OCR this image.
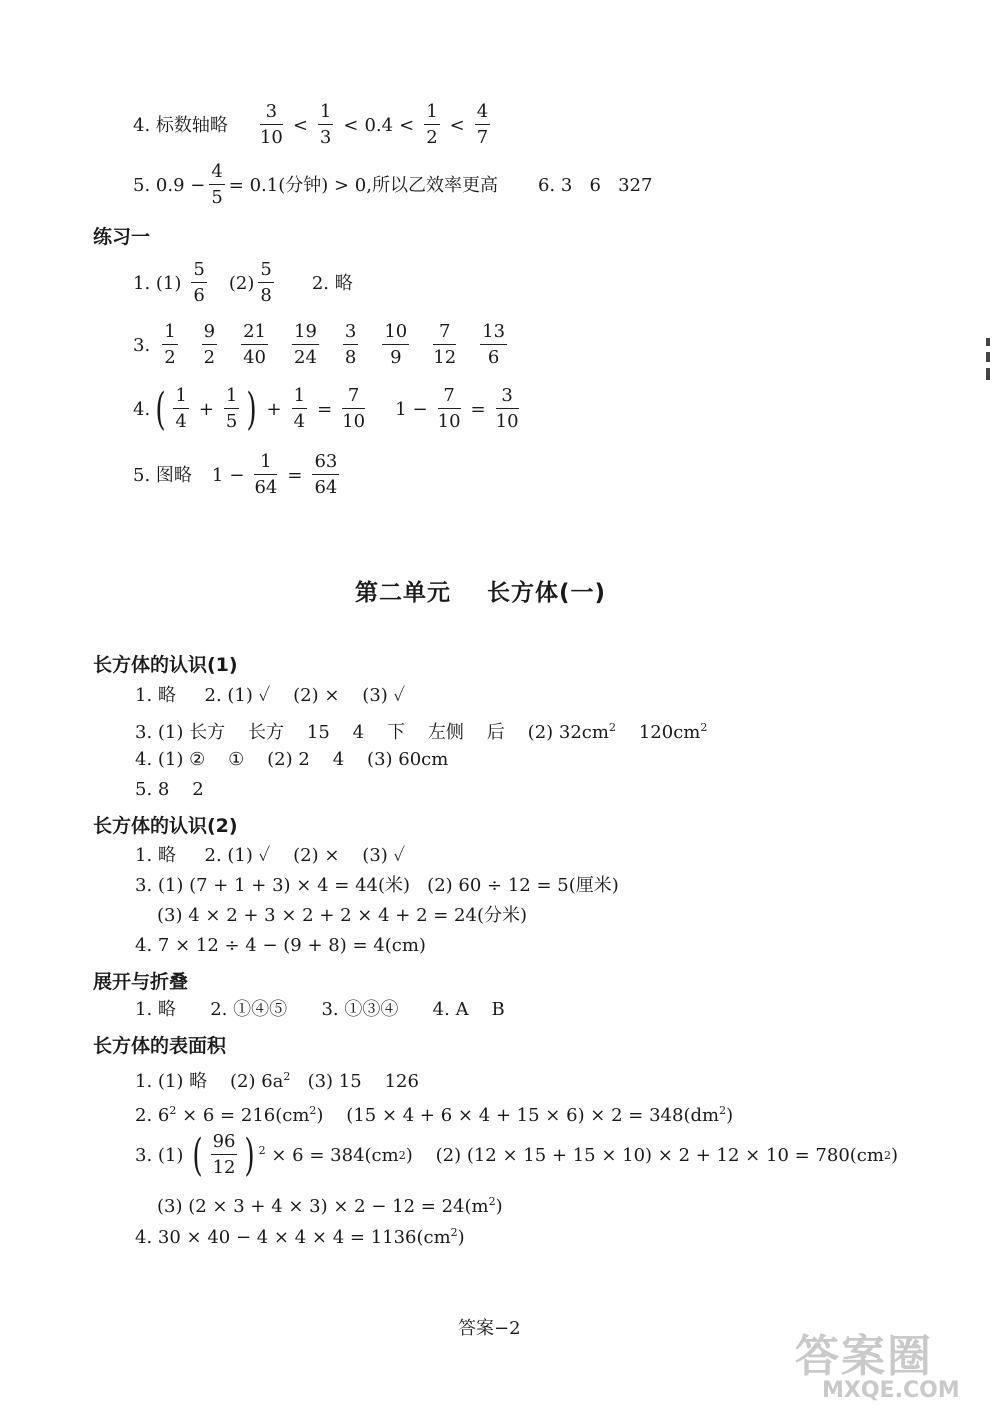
4. 标数轴略 $\frac{3}{10} < \frac{1}{3} < 0.4 < \frac{1}{2} < \frac{4}{7}$
5. $0.9 - \frac{4}{5} = 0.1$(分钟) > 0,所以乙效率更高 6. 3   6   327
练习一
1. $(1) \frac{5}{6} (2) \frac{5}{8} 2$. 略
3. $\frac{1}{2} \frac{9}{2} \frac{21}{40} \frac{19}{24} \frac{3}{8} \frac{10}{9} \frac{7}{12} \frac{13}{6}$
4. ( $\frac{1}{4} + \frac{1}{5}$ ) + $\frac{1}{4} = \frac{7}{10} 1 - \frac{7}{10} = \frac{3}{10}$
5. 图略 $1 - \frac{1}{64} = \frac{63}{64}$
第二单元    长方体(一)
长方体的认识(1)
1. 略     2. (1) ✓    (2) ×    (3) ✓
3. (1) 长方    长方    15    4    下    左侧    后    (2) $32cm^2$ $120cm^2$
4. (1) ②    ①    (2) 2    4    (3) 60cm
5. 8    2
长方体的认识(2)
1. 略     2. (1) ✓    (2) ×    (3) ✓
3. (1) (7 + 1 + 3) × 4 = 44(米)   (2) 60 ÷ 12 = 5(厘米)
(3) 4 × 2 + 3 × 2 + 2 × 4 + 2 = 24(分米)
4. 7 × 12 ÷ 4 − (9 + 8) = 4(cm)
展开与折叠
1. 略      2. ①④⑤      3. ①③④      4. A    B
长方体的表面积
1. (1) 略    (2) $6a^2$   (3) 15    126
2. $6^2 \times 6 = 216(cm^2)$    $(15 \times 4 + 6 \times 4 + 15 \times 6) \times 2 = 348(dm^2)$
3. (1) ( $\frac{96}{12}$ ) 2 × 6 = 384(cm 2 )    (2) (12 × 15 + 15 × 10) × 2 + 12 × 10 = 780(cm 2 )
(3) $(2 \times 3 + 4 \times 3) \times 2 - 12 = 24(m^2)$
4. $30 \times 40 - 4 \times 4 \times 4 = 1136(cm^2)$
答案−2
答案圈
MXQE.COM
